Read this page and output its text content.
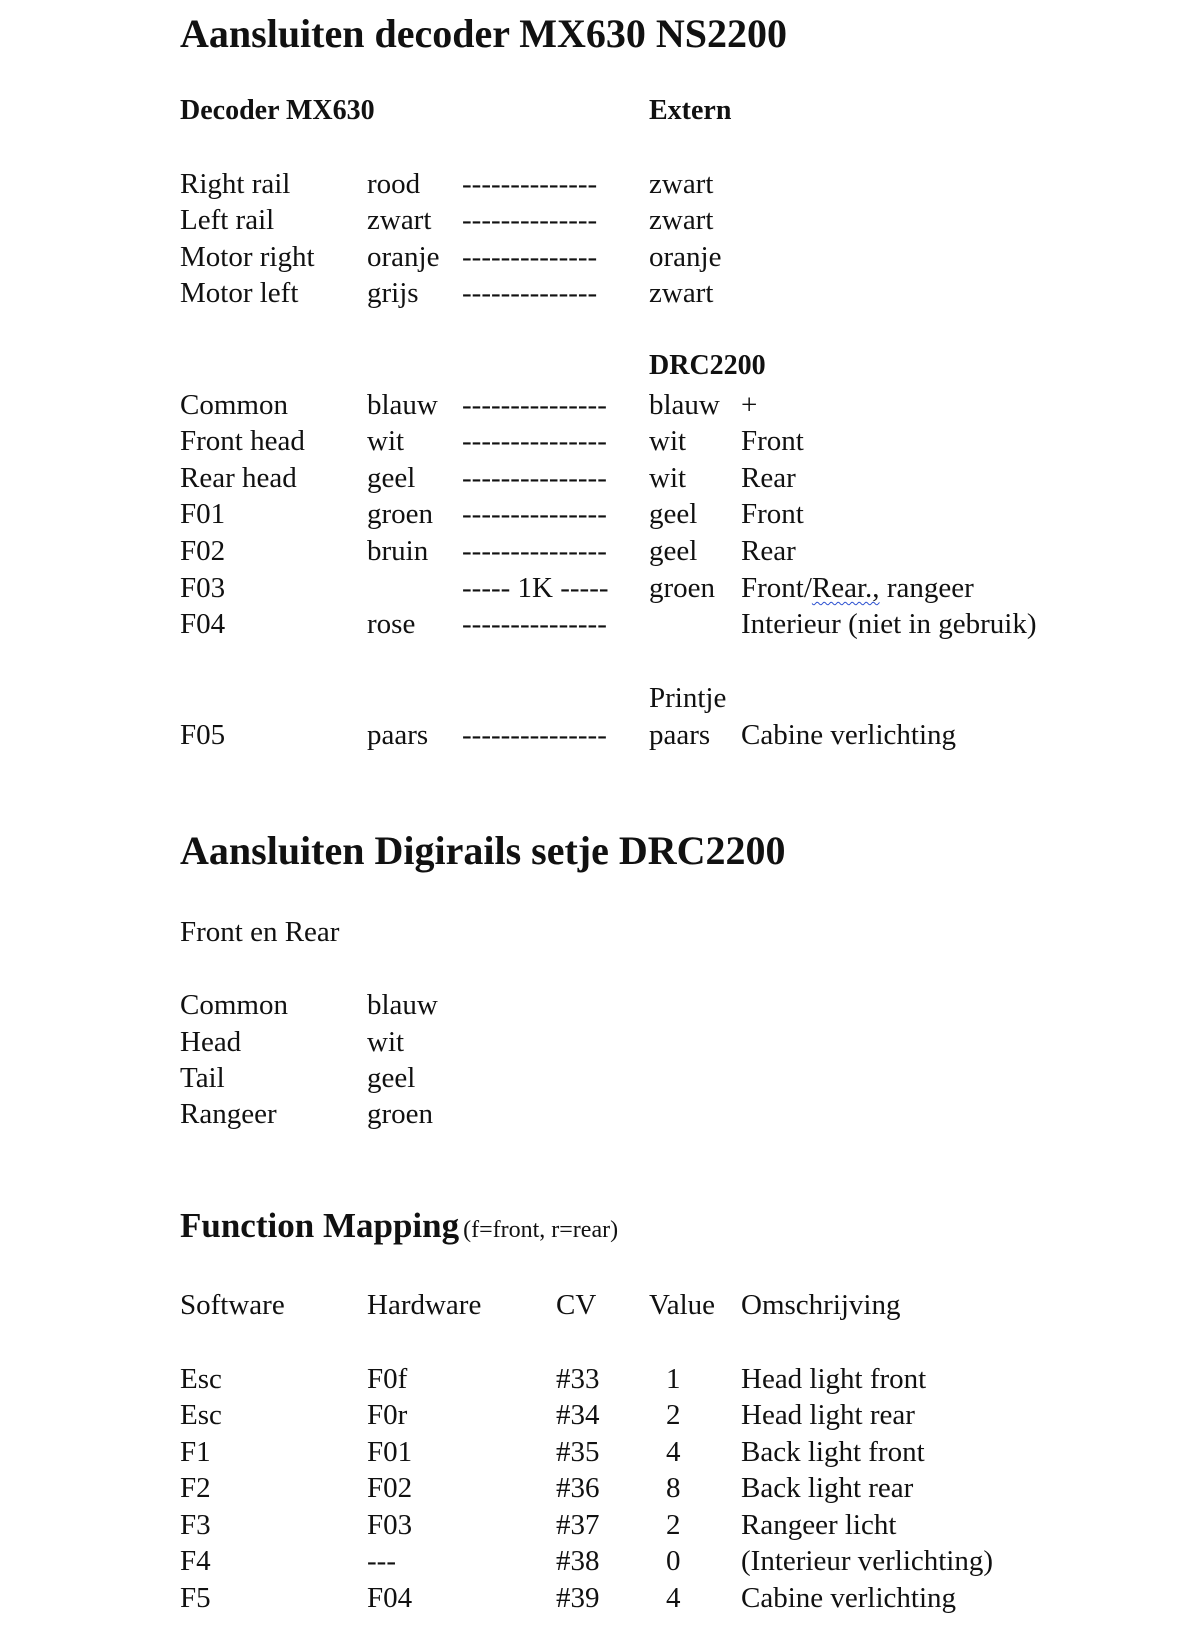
Aansluiten decoder MX630 NS2200
Decoder MX630	Extern
Right rail	rood -------------- zwart
Left rail	zwart -------------- zwart
Motor right oranje -------------- oranje
Motor left grijs -------------- zwart
DRC2200
Common	blauw --------------- blauw +
Front head wit --------------- wit Front
Rear head geel --------------- wit Rear
F01	groen --------------- geel Front
F02	bruin --------------- geel Rear
F03	----- 1K ----- groen Front/Rear., rangeer
F04	rose ---------------	Interieur (niet in gebruik)
Printje
F05	paars --------------- paars Cabine verlichting
Aansluiten Digirails setje DRC2200
Front en Rear
Common	blauw
Head	wit
Tail	geel
Rangeer	groen
Function Mapping (f=front, r=rear)
Software	Hardware	CV Value Omschrijving
Esc	F0f	#33 1 Head light front
Esc	F0r	#34 2 Head light rear
F1	F01	#35 4 Back light front
F2	F02	#36 8 Back light rear
F3	F03	#37 2 Rangeer licht
F4	---	#38 0 (Interieur verlichting)
F5	F04	#39 4 Cabine verlichting
